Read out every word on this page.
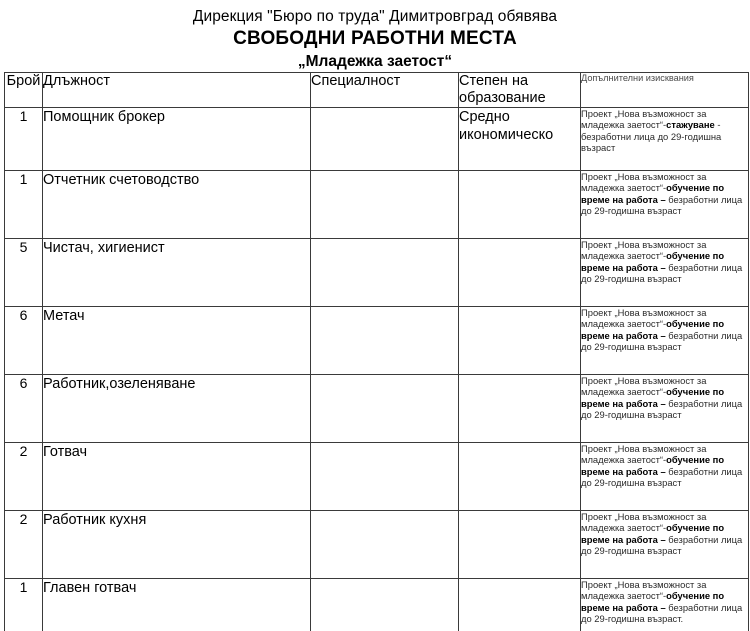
Дирекция "Бюро по труда" Димитровград обявява
СВОБОДНИ РАБОТНИ МЕСТА
„Младежка заетост“
Брой	Длъжност	Специалност	Степен на образование	Допълнителни изисквания
1	Помощник брокер		Средно икономическо	Проект „Нова възможност за младежка заетост“-стажуване - безработни лица до 29-годишна възраст
1	Отчетник счетоводство			Проект „Нова възможност за младежка заетост“-обучение по време на работа – безработни лица до 29-годишна възраст
5	Чистач, хигиенист			Проект „Нова възможност за младежка заетост“-обучение по време на работа – безработни лица до 29-годишна възраст
6	Метач			Проект „Нова възможност за младежка заетост“-обучение по време на работа – безработни лица до 29-годишна възраст
6	Работник,озеленяване			Проект „Нова възможност за младежка заетост“-обучение по време на работа – безработни лица до 29-годишна възраст
2	Готвач			Проект „Нова възможност за младежка заетост“-обучение по време на работа – безработни лица до 29-годишна възраст
2	Работник кухня			Проект „Нова възможност за младежка заетост“-обучение по време на работа – безработни лица до 29-годишна възраст
1	Главен готвач			Проект „Нова възможност за младежка заетост“-обучение по време на работа – безработни лица до 29-годишна възраст.
